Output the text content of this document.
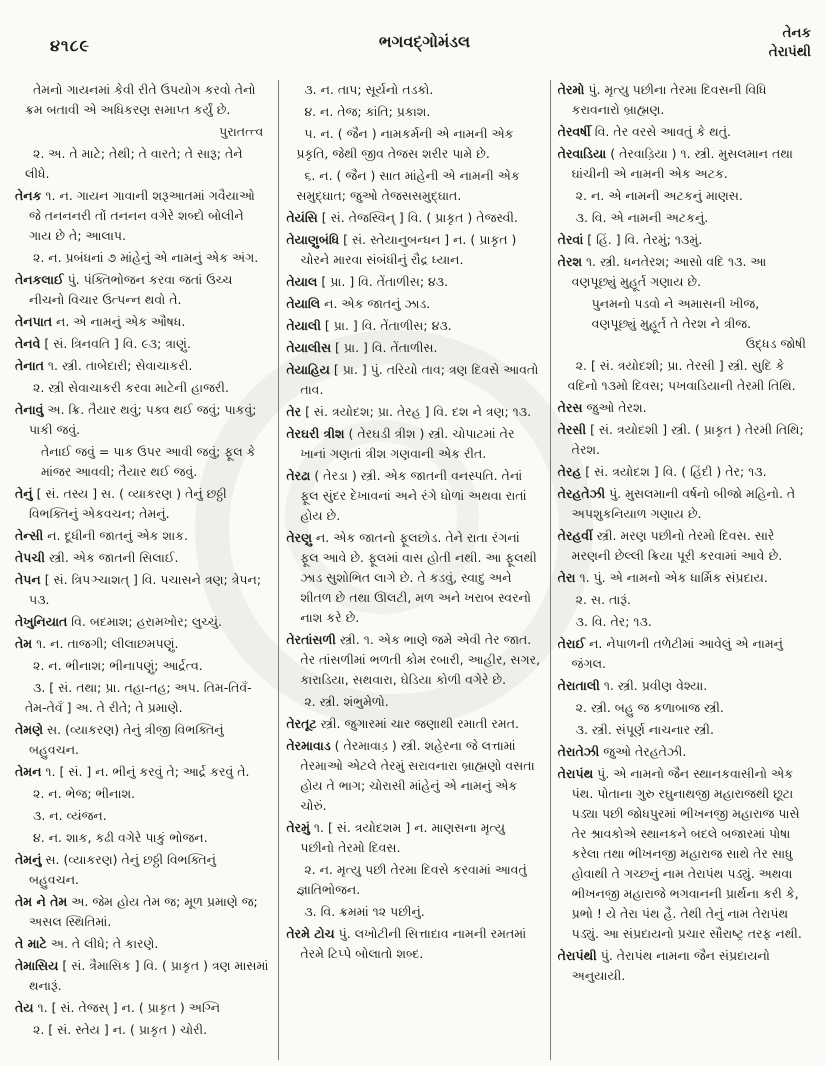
૪૧૮૯	ભગવદ્ગોમંડલ	તેનક
તેરાપંથી

તેમનો ગાયનમાં કેવી રીતે ઉપયોગ કરવો તેનો ક્રમ બતાવી એ અધિકરણ સમાપ્ત કર્યું છે.

પુરાતત્ત્વ

૨. અ. તે માટે; તેથી; તે વારતે; તે સારૂ; તેને લીધે.

તેનક ૧. ન. ગાયન ગાવાની શરૂઆતમાં ગવૈયાઓ જે તનનનરી તોં તનનન વગેરે શબ્દો બોલીને ગાય છે તે; આલાપ.

૨. ન. પ્રબંધનાં ૭ માંહેનું એ નામનું એક અંગ.

તેનકલાઈ પું. પંક્તિભોજન કરવા જતાં ઉચ્ચ નીચનો વિચાર ઉત્પન્ન થવો તે.

તેનપાત ન. એ નામનું એક ઔષધ.

તેનવે [ સં. ત્રિનવતિ ] વિ. ૯૩; ત્રાણું.

તેનાત ૧. સ્ત્રી. તાબેદારી; સેવાચાકરી.

૨. સ્ત્રી સેવાચાકરી કરવા માટેની હાજરી.

તેનાવું અ. ક્રિ. તૈયાર થવું; પક્વ થઈ જવું; પાકવું; પાકી જવું.

તેનાઈ જવું = પાક ઉપર આવી જવું; ફૂલ કે માંજર આવવી; તૈયાર થઈ જવું.

તેનું [ સં. તસ્ય ] સ. ( વ્યાકરણ ) તેનું છઠ્ઠી વિભક્તિનું એકવચન; તેમનું.

તેન્સી ન. દૂધીની જાતનું એક શાક.

તેપચી સ્ત્રી. એક જાતની સિલાઈ.

તેપન [ સં. ત્રિપઞ્ચાશત્ ] વિ. પચાસને ત્રણ; ત્રેપન; ૫૩.

તેખુનિયાત વિ. બદમાશ; હરામખોર; લુચ્ચું.

તેમ ૧. ન. તાજગી; લીલાછમપણું.

૨. ન. ભીનાશ; ભીનાપણું; આર્દ્રત્વ.

૩. [ સં. તથા; પ્રા. તહા-તહ; અપ. તિમ-તિવઁ-તેમ-તેવઁ ] અ. તે રીતે; તે પ્રમાણે.

તેમણે સ. (વ્યાકરણ) તેનું ત્રીજી વિભક્તિનું બહુવચન.

તેમન ૧. [ સં. ] ન. ભીનું કરવું તે; આર્દ્ર કરવું તે.

૨. ન. ભેજ; ભીનાશ.

૩. ન. વ્યંજન.

૪. ન. શાક, કઢી વગેરે પાકું ભોજન.

તેમનું સ. (વ્યાકરણ) તેનું છઠ્ઠી વિભક્તિનું બહુવચન.

તેમ ને તેમ અ. જેમ હોય તેમ જ; મૂળ પ્રમાણે જ; અસલ સ્થિતિમાં.

તે માટે અ. તે લીધે; તે કારણે.

તેમાસિય [ સં. ત્રૈમાસિક ] વિ. ( પ્રાકૃત ) ત્રણ માસમાં થનારૂં.

તેય ૧. [ સં. તેજસ્ ] ન. ( પ્રાકૃત ) અગ્નિ

૨. [ સં. સ્તેય ] ન. ( પ્રાકૃત ) ચોરી.

૩. ન. તાપ; સૂર્યનો તડકો.

૪. ન. તેજ; કાંતિ; પ્રકાશ.

૫. ન. ( જૈન ) નામકર્મની એ નામની એક પ્રકૃતિ, જેથી જીવ તેજસ શરીર પામે છે.

૬. ન. ( જૈન ) સાત માંહેની એ નામની એક સમુદ્ઘાત; જુઓ તેજસસમુદ્ઘાત.

તેયંસિ [ સં. તેજસ્વિન્ ] વિ. ( પ્રાકૃત ) તેજસ્વી.

તેયાણુબંધિ [ સં. સ્તેયાનુબન્ધન ] ન. ( પ્રાકૃત ) ચોરને મારવા સંબંધીનું રૌદ્ર ધ્યાન.

તેયાલ [ પ્રા. ] વિ. તેંતાળીસ; ૪૩.

તેયાલિ ન. એક જાતનું ઝાડ.

તેયાલી [ પ્રા. ] વિ. તેંતાળીસ; ૪૩.

તેયાલીસ [ પ્રા. ] વિ. તેંતાળીસ.

તેયાહિય [ પ્રા. ] પું. તરિયો તાવ; ત્રણ દિવસે આવતો તાવ.

તેર [ સં. ત્રયોદશ; પ્રા. તેરહ ] વિ. દશ ને ત્રણ; ૧૩.

તેરઘરી ત્રીશ ( તેરઘડી ત્રીશ ) સ્ત્રી. ચોપાટમાં તેર ખાનાં ગણતાં ત્રીશ ગણવાની એક રીત.

તેરઢા ( તેરડા ) સ્ત્રી. એક જાતની વનસ્પતિ. તેનાં ફૂલ સુંદર દેખાવનાં અને રંગે ધોળાં અથવા રાતાં હોય છે.

તેરણુ ન. એક જાતનો ફૂલછોડ. તેને રાતા રંગનાં ફૂલ આવે છે. ફૂલમાં વાસ હોતી નથી. આ ફૂલથી ઝાડ સુશોભિત લાગે છે. તે કડવું, સ્વાદુ અને શીતળ છે તથા ઊલટી, મળ અને ખરાબ સ્વરનો નાશ કરે છે.

તેરતાંસળી સ્ત્રી. ૧. એક ભાણે જમે એવી તેર જાત. તેર તાંસળીમાં ભળતી કોમ રબારી, આહીર, સગર, કારાડિયા, સથવારા, ઘેડિયા કોળી વગેરે છે.

૨. સ્ત્રી. શંભુમેળો.

તેરતૂટ સ્ત્રી. જુગારમાં ચાર જણાથી રમાતી રમત.

તેરમાવાડ ( તેરમાવાડ઼ ) સ્ત્રી. શહેરના જે લત્તામાં તેરમાઓ એટલે તેરમું સરાવનારા બ્રાહ્મણો વસતા હોય તે ભાગ; ચોરાસી માંહેનું એ નામનું એક ચોરું.

તેરમું ૧. [ સં. ત્રયોદશમ ] ન. માણસના મૃત્યુ પછીનો તેરમો દિવસ.

૨. ન. મૃત્યુ પછી તેરમા દિવસે કરવામાં આવતું જ્ઞાતિભોજન.

૩. વિ. ક્રમમાં ૧૨ પછીનું.

તેરમે ટોચ પું. લખોટીની સિત્તાદાવ નામની રમતમાં તેરમે ટિપ્પે બોલાતો શબ્દ.

તેરમો પું. મૃત્યુ પછીના તેરમા દિવસની વિધિ કરાવનારો બ્રાહ્મણ.

તેરવર્ષી વિ. તેર વરસે આવતું કે થતું.

તેરવાડિયા ( તેરવાડ઼િયા ) ૧. સ્ત્રી. મુસલમાન તથા ઘાંચીની એ નામની એક અટક.

૨. ન. એ નામની અટકનું માણસ.

૩. વિ. એ નામની અટકનું.

તેરવાં [ હિં. ] વિ. તેરમું; ૧૩મું.

તેરશ ૧. સ્ત્રી. ધનતેરશ; આસો વદિ ૧૩. આ વણપૂછ્યું મુહૂર્ત ગણાય છે.

પુનમનો પડવો ને અમાસની ખીજ,

વણપૂછ્યું મુહૂર્ત તે તેરશ ને ત્રીજ.

ઉદ્ધડ જોષી

૨. [ સં. ત્રયોદશી; પ્રા. તેરસી ] સ્ત્રી. સુદિ કે વદિનો ૧૩મો દિવસ; પખવાડિયાની તેરમી તિથિ.

તેરસ જુઓ તેરશ.

તેરસી [ સં. ત્રયોદશી ] સ્ત્રી. ( પ્રાકૃત ) તેરમી તિથિ; તેરશ.

તેરહ [ સં. ત્રયોદશ ] વિ. ( હિંદી ) તેર; ૧૩.

તેરહતેઝી પું. મુસલમાની વર્ષનો બીજો મહિનો. તે અપશુકનિયાળ ગણાય છે.

તેરહવીં સ્ત્રી. મરણ પછીનો તેરમો દિવસ. સારે મરણની છેલ્લી ક્રિયા પૂરી કરવામાં આવે છે.

તેરા ૧. પું. એ નામનો એક ધાર્મિક સંપ્રદાય.

૨. સ. તારૂં.

૩. વિ. તેર; ૧૩.

તેરાઈ ન. નેપાળની તળેટીમાં આવેલું એ નામનું જંગલ.

તેરાતાલી ૧. સ્ત્રી. પ્રવીણ વેશ્યા.

૨. સ્ત્રી. બહુ જ કળાબાજ સ્ત્રી.

૩. સ્ત્રી. સંપૂર્ણ નાચનાર સ્ત્રી.

તેરાતેઝી જુઓ તેરહતેઝી.

તેરાપંથ પું. એ નામનો જૈન સ્થાનકવાસીનો એક પંથ. પોતાના ગુરુ રઘુનાથજી મહારાજથી છૂટા પડ્યા પછી જોધપુરમાં ભીખનજી મહારાજ પાસે તેર શ્રાવકોએ સ્થાનકને બદલે બજારમાં પોષા કરેલા તથા ભીખનજી મહારાજ સાથે તેર સાધુ હોવાથી તે ગચ્છનું નામ તેરાપંથ પડ્યું. અથવા ભીખનજી મહારાજે ભગવાનની પ્રાર્થના કરી કે, પ્રભો ! યે તેરા પંથ હૈ. તેથી તેનું નામ તેરાપંથ પડ્યું. આ સંપ્રદાયનો પ્રચાર સૌરાષ્ટ્ર તરફ નથી.

તેરાપંથી પું. તેરાપંથ નામના જૈન સંપ્રદાયનો અનુયાયી.
